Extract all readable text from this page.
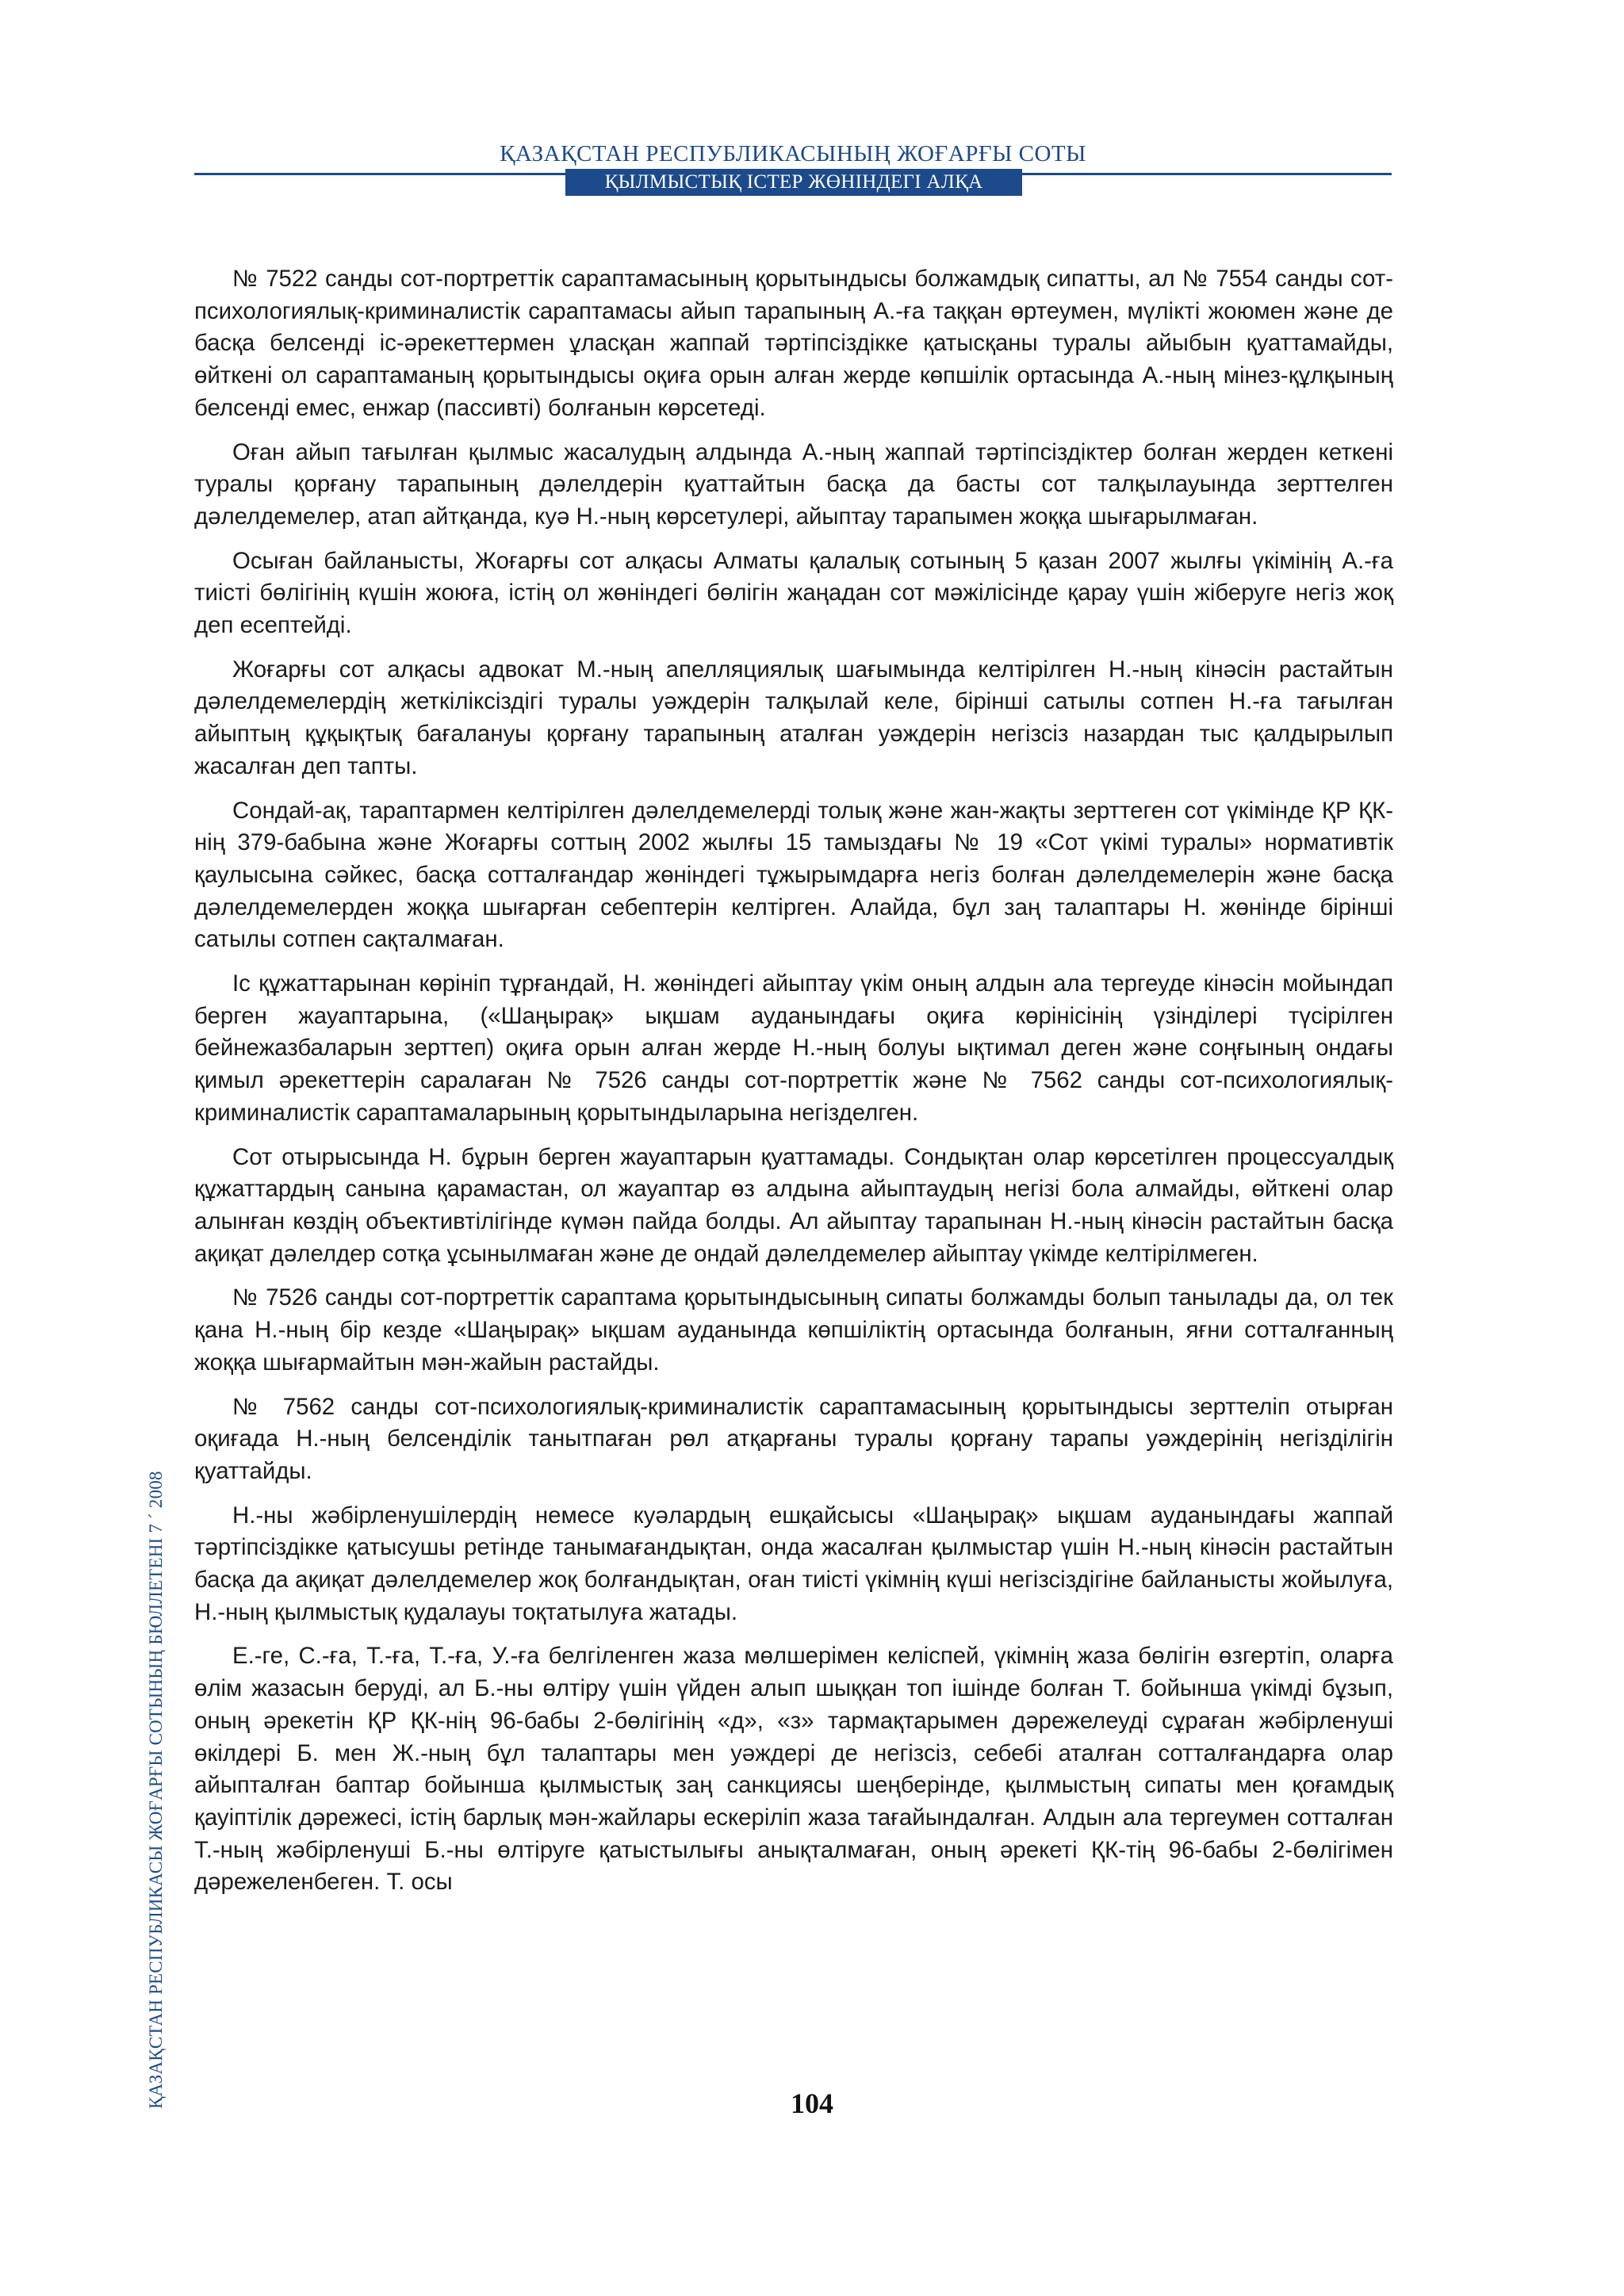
ҚАЗАҚСТАН РЕСПУБЛИКАСЫНЫҢ ЖОҒАРҒЫ СОТЫ
ҚЫЛМЫСТЫҚ ІСТЕР ЖӨНІНДЕГІ АЛҚА
ҚАЗАҚСТАН РЕСПУБЛИКАСЫ ЖОҒАРҒЫ СОТЫНЫҢ БЮЛЛЕТЕНІ 7 ´ 2008

№ 7522 санды сот-портреттік сараптамасының қорытындысы болжамдық сипатты, ал № 7554 санды сот-психологиялық-криминалистік сараптамасы айып тарапының А.-ға таққан өртеумен, мүлікті жоюмен және де басқа белсенді іс-әрекеттермен ұласқан жаппай тәртіпсіздікке қатысқаны туралы айыбын қуаттамайды, өйткені ол сараптаманың қорытындысы оқиға орын алған жерде көпшілік ортасында А.-ның мінез-құлқының белсенді емес, енжар (пассивті) болғанын көрсетеді.

Оған айып тағылған қылмыс жасалудың алдында А.-ның жаппай тәртіпсіздіктер болған жерден кеткені туралы қорғану тарапының дәлелдерін қуаттайтын басқа да басты сот талқылауында зерттелген дәлелдемелер, атап айтқанда, куә Н.-ның көрсетулері, айыптау тарапымен жоққа шығарылмаған.

Осыған байланысты, Жоғарғы сот алқасы Алматы қалалық сотының 5 қазан 2007 жылғы үкімінің А.-ға тиісті бөлігінің күшін жоюға, істің ол жөніндегі бөлігін жаңадан сот мәжілісінде қарау үшін жіберуге негіз жоқ деп есептейді.

Жоғарғы сот алқасы адвокат М.-ның апелляциялық шағымында келтірілген Н.-ның кінәсін растайтын дәлелдемелердің жеткіліксіздігі туралы уәждерін талқылай келе, бірінші сатылы сотпен Н.-ға тағылған айыптың құқықтық бағалануы қорғану тарапының аталған уәждерін негізсіз назардан тыс қалдырылып жасалған деп тапты.

Сондай-ақ, тараптармен келтірілген дәлелдемелерді толық және жан-жақты зерттеген сот үкімінде ҚР ҚК-нің 379-бабына және Жоғарғы соттың 2002 жылғы 15 тамыздағы № 19 «Сот үкімі туралы» нормативтік қаулысына сәйкес, басқа сотталғандар жөніндегі тұжырымдарға негіз болған дәлелдемелерін және басқа дәлелдемелерден жоққа шығарған себептерін келтірген. Алайда, бұл заң талаптары Н. жөнінде бірінші сатылы сотпен сақталмаған.

Іс құжаттарынан көрініп тұрғандай, Н. жөніндегі айыптау үкім оның алдын ала тергеуде кінәсін мойындап берген жауаптарына, («Шаңырақ» ықшам ауданындағы оқиға көрінісінің үзінділері түсірілген бейнежазбаларын зерттеп) оқиға орын алған жерде Н.-ның болуы ықтимал деген және соңғының ондағы қимыл әрекеттерін саралаған № 7526 санды сот-портреттік және № 7562 санды сот-психологиялық-криминалистік сараптамаларының қорытындыларына негізделген.

Сот отырысында Н. бұрын берген жауаптарын қуаттамады. Сондықтан олар көрсетілген процессуалдық құжаттардың санына қарамастан, ол жауаптар өз алдына айыптаудың негізі бола алмайды, өйткені олар алынған көздің объективтілігінде күмән пайда болды. Ал айыптау тарапынан Н.-ның кінәсін растайтын басқа ақиқат дәлелдер сотқа ұсынылмаған және де ондай дәлелдемелер айыптау үкімде келтірілмеген.

№ 7526 санды сот-портреттік сараптама қорытындысының сипаты болжамды болып танылады да, ол тек қана Н.-ның бір кезде «Шаңырақ» ықшам ауданында көпшіліктің ортасында болғанын, яғни сотталғанның жоққа шығармайтын мән-жайын растайды.

№ 7562 санды сот-психологиялық-криминалистік сараптамасының қорытындысы зерттеліп отырған оқиғада Н.-ның белсенділік танытпаған рөл атқарғаны туралы қорғану тарапы уәждерінің негізділігін қуаттайды.

Н.-ны жәбірленушілердің немесе куәлардың ешқайсысы «Шаңырақ» ықшам ауданындағы жаппай тәртіпсіздікке қатысушы ретінде танымағандықтан, онда жасалған қылмыстар үшін Н.-ның кінәсін растайтын басқа да ақиқат дәлелдемелер жоқ болғандықтан, оған тиісті үкімнің күші негізсіздігіне байланысты жойылуға, Н.-ның қылмыстық қудалауы тоқтатылуға жатады.

Е.-ге, С.-ға, Т.-ға, Т.-ға, У.-ға белгіленген жаза мөлшерімен келіспей, үкімнің жаза бөлігін өзгертіп, оларға өлім жазасын беруді, ал Б.-ны өлтіру үшін үйден алып шыққан топ ішінде болған Т. бойынша үкімді бұзып, оның әрекетін ҚР ҚК-нің 96-бабы 2-бөлігінің «д», «з» тармақтарымен дәрежелеуді сұраған жәбірленуші өкілдері Б. мен Ж.-ның бұл талаптары мен уәждері де негізсіз, себебі аталған сотталғандарға олар айыпталған баптар бойынша қылмыстық заң санкциясы шеңберінде, қылмыстың сипаты мен қоғамдық қауіптілік дәрежесі, істің барлық мән-жайлары ескеріліп жаза тағайындалған. Алдын ала тергеумен сотталған Т.-ның жәбірленуші Б.-ны өлтіруге қатыстылығы анықталмаған, оның әрекеті ҚК-тің 96-бабы 2-бөлігімен дәрежеленбеген. Т. осы

104
